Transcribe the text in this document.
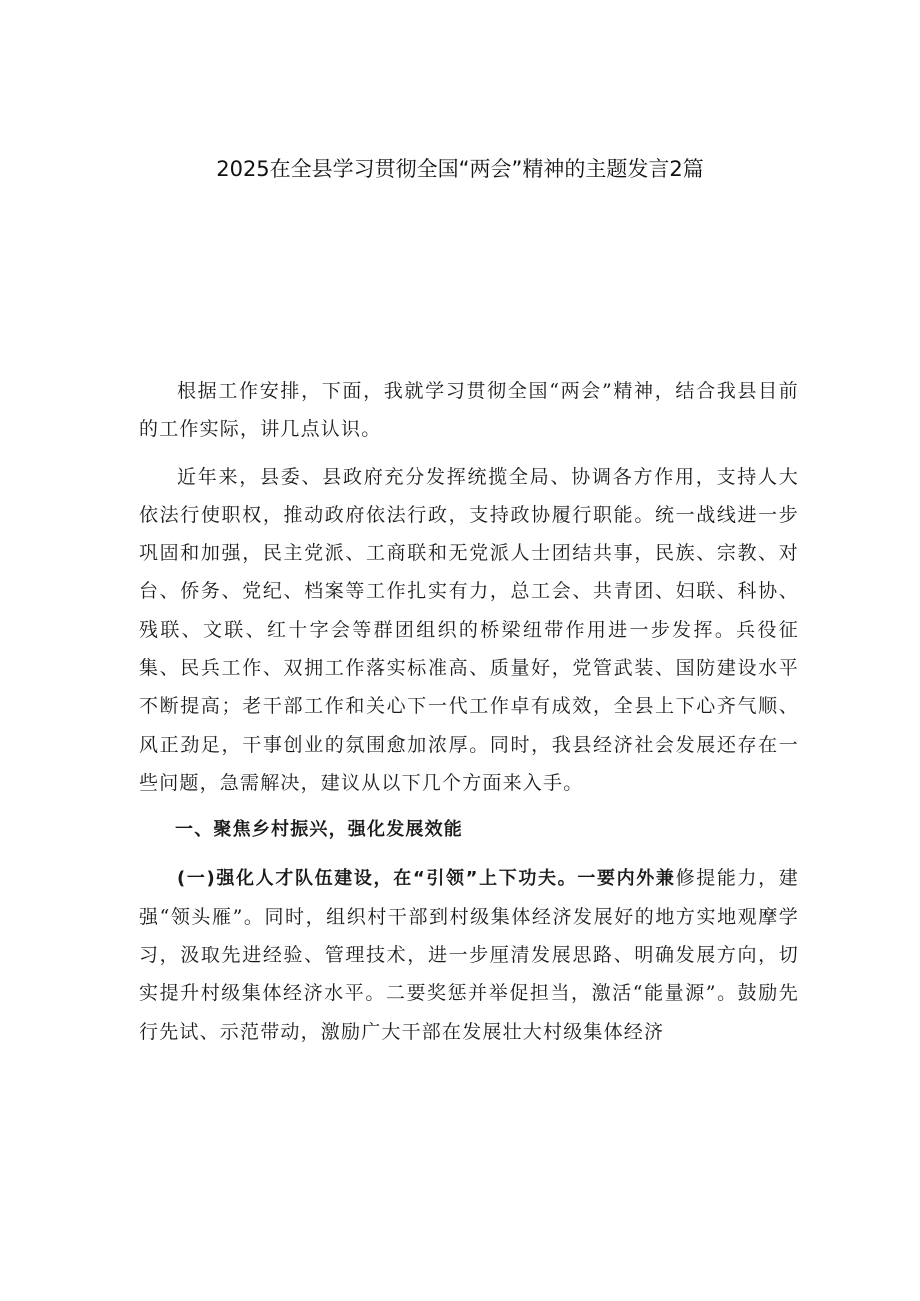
2025在全县学习贯彻全国“两会”精神的主题发言2篇

根据工作安排，下面，我就学习贯彻全国“两会”精神，结合我县目前的工作实际，讲几点认识。

近年来，县委、县政府充分发挥统揽全局、协调各方作用，支持人大依法行使职权，推动政府依法行政，支持政协履行职能。统一战线进一步巩固和加强，民主党派、工商联和无党派人士团结共事，民族、宗教、对台、侨务、党纪、档案等工作扎实有力，总工会、共青团、妇联、科协、残联、文联、红十字会等群团组织的桥梁纽带作用进一步发挥。兵役征集、民兵工作、双拥工作落实标准高、质量好，党管武装、国防建设水平不断提高；老干部工作和关心下一代工作卓有成效，全县上下心齐气顺、风正劲足，干事创业的氛围愈加浓厚。同时，我县经济社会发展还存在一些问题，急需解决，建议从以下几个方面来入手。

一、聚焦乡村振兴，强化发展效能

(一)强化人才队伍建设，在“引领”上下功夫。一要内外兼修提能力，建强“领头雁”。同时，组织村干部到村级集体经济发展好的地方实地观摩学习，汲取先进经验、管理技术，进一步厘清发展思路、明确发展方向，切实提升村级集体经济水平。二要奖惩并举促担当，激活“能量源”。鼓励先行先试、示范带动，激励广大干部在发展壮大村级集体经济
